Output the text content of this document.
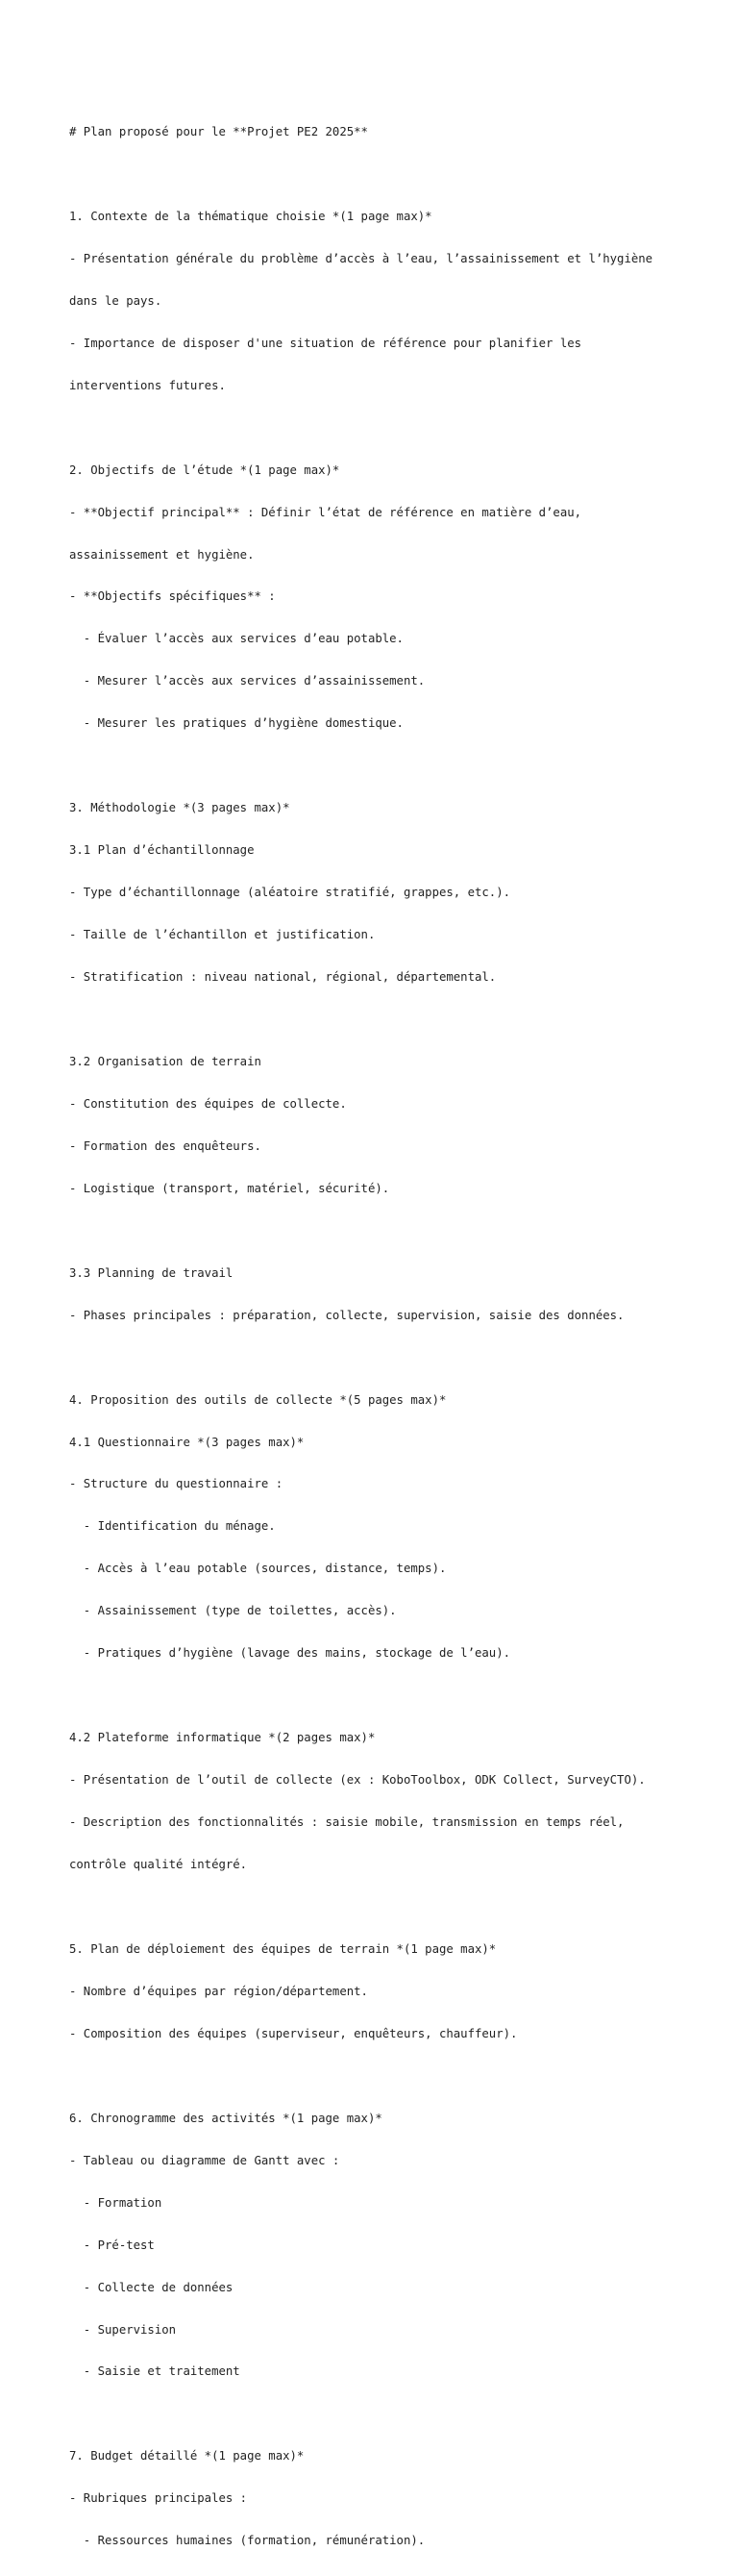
# Plan proposé pour le **Projet PE2 2025**

1. Contexte de la thématique choisie *(1 page max)*

- Présentation générale du problème d’accès à l’eau, l’assainissement et l’hygiène

dans le pays.

- Importance de disposer d'une situation de référence pour planifier les

interventions futures.

2. Objectifs de l’étude *(1 page max)*

- **Objectif principal** : Définir l’état de référence en matière d’eau,

assainissement et hygiène.

- **Objectifs spécifiques** :

- Évaluer l’accès aux services d’eau potable.

- Mesurer l’accès aux services d’assainissement.

- Mesurer les pratiques d’hygiène domestique.

3. Méthodologie *(3 pages max)*

3.1 Plan d’échantillonnage

- Type d’échantillonnage (aléatoire stratifié, grappes, etc.).

- Taille de l’échantillon et justification.

- Stratification : niveau national, régional, départemental.

3.2 Organisation de terrain

- Constitution des équipes de collecte.

- Formation des enquêteurs.

- Logistique (transport, matériel, sécurité).

3.3 Planning de travail

- Phases principales : préparation, collecte, supervision, saisie des données.

4. Proposition des outils de collecte *(5 pages max)*

4.1 Questionnaire *(3 pages max)*

- Structure du questionnaire :

- Identification du ménage.

- Accès à l’eau potable (sources, distance, temps).

- Assainissement (type de toilettes, accès).

- Pratiques d’hygiène (lavage des mains, stockage de l’eau).

4.2 Plateforme informatique *(2 pages max)*

- Présentation de l’outil de collecte (ex : KoboToolbox, ODK Collect, SurveyCTO).

- Description des fonctionnalités : saisie mobile, transmission en temps réel,

contrôle qualité intégré.

5. Plan de déploiement des équipes de terrain *(1 page max)*

- Nombre d’équipes par région/département.

- Composition des équipes (superviseur, enquêteurs, chauffeur).

6. Chronogramme des activités *(1 page max)*

- Tableau ou diagramme de Gantt avec :

- Formation

- Pré-test

- Collecte de données

- Supervision

- Saisie et traitement

7. Budget détaillé *(1 page max)*

- Rubriques principales :

- Ressources humaines (formation, rémunération).
